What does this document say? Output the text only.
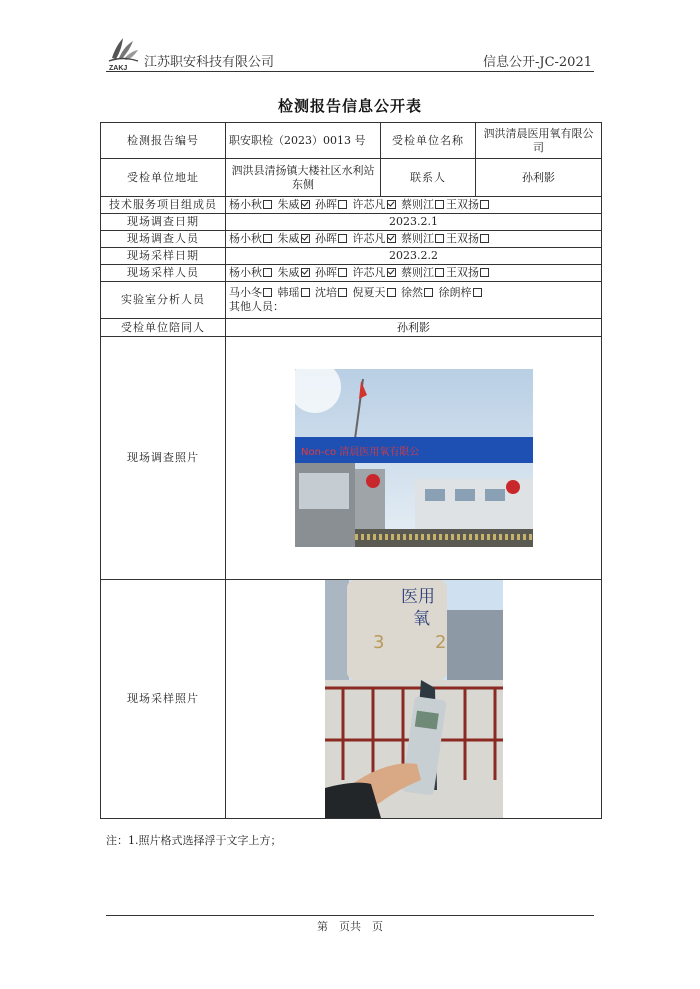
ZAKJ 江苏职安科技有限公司	信息公开-JC-2021
检测报告信息公开表
检测报告编号	职安职检（2023）0013 号	受检单位名称	泗洪清晨医用氧有限公司
受检单位地址	泗洪县清扬镇大楼社区水利站东侧	联系人	孙利影
技术服务项目组成员	杨小秋 朱威 孙晖 许芯凡 蔡则江 王双扬		
现场调查日期	2023.2.1		
现场调查人员	杨小秋 朱威 孙晖 许芯凡 蔡则江 王双扬		
现场采样日期	2023.2.2		
现场采样人员	杨小秋 朱威 孙晖 许芯凡 蔡则江 王双扬		
实验室分析人员	马小冬 韩瑶 沈培 倪夏天 徐然 徐朗梓
其他人员：		

受检单位陪同人	孙利影		
现场调查照片	Non-co 清晨医用氧有限公		

现场采样照片	医用
氧
3 2		
注：1.照片格式选择浮于文字上方；
第　页共　页
